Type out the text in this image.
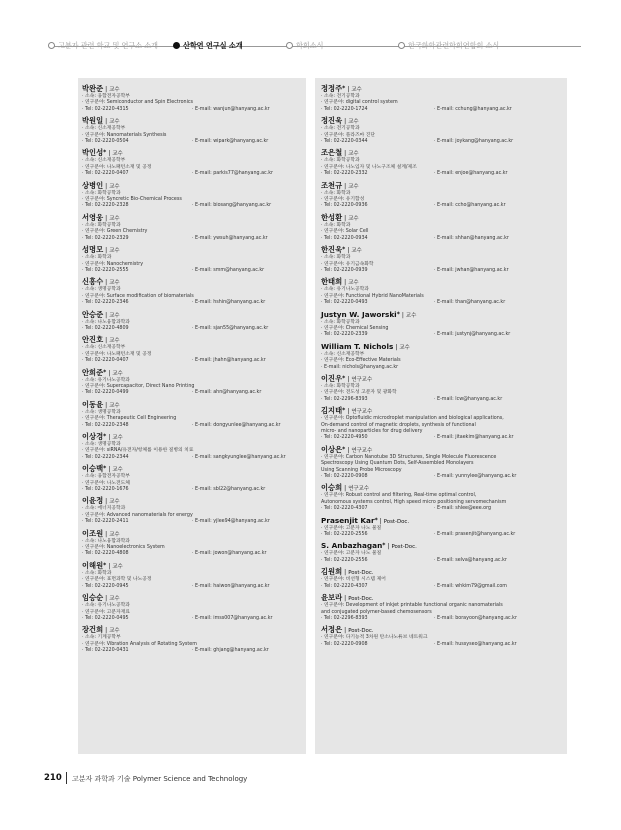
고분자 관련 학교 및 연구소 소개	산학연 연구실 소개	학회소식	한국화학관련학회연합회 소식
박완준 | 교수
· 소속: 융합전자공학부
· 연구분야: Semiconductor and Spin Electronics
· Tel: 02-2220-4315	· E-mail: wanjun@hanyang.ac.kr
박원일 | 교수
· 소속: 신소재공학부
· 연구분야: Nanomaterials Synthesis
· Tel: 02-2220-0504	· E-mail: wipark@hanyang.ac.kr
박인성* | 교수
· 소속: 신소재공학부
· 연구분야: 나노패턴소재 및 공정
· Tel: 02-2220-0407	· E-mail: parkis77@hanyang.ac.kr
상병인 | 교수
· 소속: 화학공학과
· 연구분야: Syncretic Bio-Chemical Process
· Tel: 02-2220-2328	· E-mail: biosang@hanyang.ac.kr
서영웅 | 교수
· 소속: 화학공학과
· 연구분야: Green Chemistry
· Tel: 02-2220-2329	· E-mail: ywsuh@hanyang.ac.kr
성명모 | 교수
· 소속: 화학과
· 연구분야: Nanochemistry
· Tel: 02-2220-2555	· E-mail: smm@hanyang.ac.kr
신흥수 | 교수
· 소속: 생명공학과
· 연구분야: Surface modification of biomaterials
· Tel: 02-2220-2346	· E-mail: hshin@hanyang.ac.kr
안승준 | 교수
· 소속: 나노융합과학과
· Tel: 02-2220-4809	· E-mail: sjan55@hanyang.ac.kr
안진호 | 교수
· 소속: 신소재공학부
· 연구분야: 나노패턴소재 및 공정
· Tel: 02-2220-0407	· E-mail: jhahn@hanyang.ac.kr
안희준* | 교수
· 소속: 유기나노공학과
· 연구분야: Supercapacitor, Direct Nano Printing
· Tel: 02-2220-0499	· E-mail: ahn@hanyang.ac.kr
이동윤 | 교수
· 소속: 생명공학과
· 연구분야: Therapeutic Cell Engineering
· Tel: 02-2220-2348	· E-mail: dongyunlee@hanyang.ac.kr
이상경* | 교수
· 소속: 생명공학과
· 연구분야: siRNA/유전자/항체를 이용한 질병의 치료
· Tel: 02-2220-2344	· E-mail: sangkyunglee@hanyang.ac.kr
이승백* | 교수
· 소속: 융합전자공학부
· 연구분야: 나노전도체
· Tel: 02-2220-1676	· E-mail: sbl22@hanyang.ac.kr
이윤정 | 교수
· 소속: 에너지공학과
· 연구분야: Advanced nanomaterials for energy
· Tel: 02-2220-2411	· E-mail: yjlee94@hanyang.ac.kr
이조원 | 교수
· 소속: 나노융합과학과
· 연구분야: Nanoelectronics System
· Tel: 02-2220-4808	· E-mail: jowon@hanyang.ac.kr
이해원* | 교수
· 소속: 화학과
· 연구분야: 표면과학 및 나노공정
· Tel: 02-2220-0945	· E-mail: haiwon@hanyang.ac.kr
임승순 | 교수
· 소속: 유기나노공학과
· 연구분야: 고분자재료
· Tel: 02-2220-0495	· E-mail: imss007@hanyang.ac.kr
장건희 | 교수
· 소속: 기계공학부
· 연구분야: Vibration Analysis of Rotating System
· Tel: 02-2220-0431	· E-mail: ghjang@hanyang.ac.kr
정정주* | 교수
· 소속: 전기공학과
· 연구분야: digital control system
· Tel: 02-2220-1724	· E-mail: cchung@hanyang.ac.kr
정진욱 | 교수
· 소속: 전기공학과
· 연구분야: 플라즈마 진단
· Tel: 02-2220-0344	· E-mail: joykang@hanyang.ac.kr
조은철 | 교수
· 소속: 화학공학과
· 연구분야: 나노입자 및 나노구조체 설계/제조
· Tel: 02-2220-2332	· E-mail: enjoe@hanyang.ac.kr
조천규 | 교수
· 소속: 화학과
· 연구분야: 유기합성
· Tel: 02-2220-0936	· E-mail: ccho@hanyang.ac.kr
한성환 | 교수
· 소속: 화학과
· 연구분야: Solar Cell
· Tel: 02-2220-0934	· E-mail: shhan@hanyang.ac.kr
한진욱* | 교수
· 소속: 화학과
· 연구분야: 유기금속화학
· Tel: 02-2220-0939	· E-mail: jwhan@hanyang.ac.kr
한태희 | 교수
· 소속: 유기나노공학과
· 연구분야: Functional Hybrid NanoMaterials
· Tel: 02-2220-0493	· E-mail: than@hanyang.ac.kr
Justyn W. Jaworski* | 교수
· 소속: 화학공학과
· 연구분야: Chemical Sensing
· Tel: 02-2220-2339	· E-mail: justynj@hanyang.ac.kr
William T. Nichols | 교수
· 소속: 신소재공학부
· 연구분야: Eco-Effective Materials
· E-mail: nichols@hanyang.ac.kr
이진우* | 연구교수
· 소속: 화학공학과
· 연구분야: 전도성 고분자 및 광화학
· Tel: 02-2296-8393	· E-mail: lcw@hanyang.ac.kr
김지태* | 연구교수
· 연구분야: Optofluidic microdroplet manipulation and biological applications,
On-demand control of magnetic droplets, synthesis of functional
micro- and nanoparticles for drug delivery
· Tel: 02-2220-4950	· E-mail: jitaekim@hanyang.ac.kr
이상은* | 연구교수
· 연구분야: Carbon Nanotube 3D Structures, Single Molecule Fluorescence
Spectroscopy Using Quantum Dots, Self-Assembled Monolayers
Using Scanning Probe Microscopy
· Tel: 02-2220-0908	· E-mail: yunnylee@hanyang.ac.kr
이승희 | 연구교수
· 연구분야: Robust control and filtering, Real-time optimal control,
Autonomous systems control, High speed micro positioning servomechanism
· Tel: 02-2220-4307	· E-mail: shlee@eee.org
Prasenjit Kar* | Post-Doc.
· 연구분야: 고분자 나노 물질
· Tel: 02-2220-2556	· E-mail: prasenjit@hanyang.ac.kr
S. Anbazhagan* | Post-Doc.
· 연구분야: 고분자 나노 물질
· Tel: 02-2220-2556	· E-mail: selva@hanyang.ac.kr
김원희 | Post-Doc.
· 연구분야: 비선형 시스템 제어
· Tel: 02-2220-4307	· E-mail: whkim79@gmail.com
윤보라 | Post-Doc.
· 연구분야: Development of inkjet printable functional organic nanomaterials
and conjugated polymer-based chemosensors
· Tel: 02-2296-8393	· E-mail: borayoon@hanyang.ac.kr
서정은 | Post-Doc.
· 연구분야: 다기능적 3차원 탄소나노튜브 네트워크
· Tel: 02-2220-0908	· E-mail: hussyseo@hanyang.ac.kr
210 고분자 과학과 기술 Polymer Science and Technology
